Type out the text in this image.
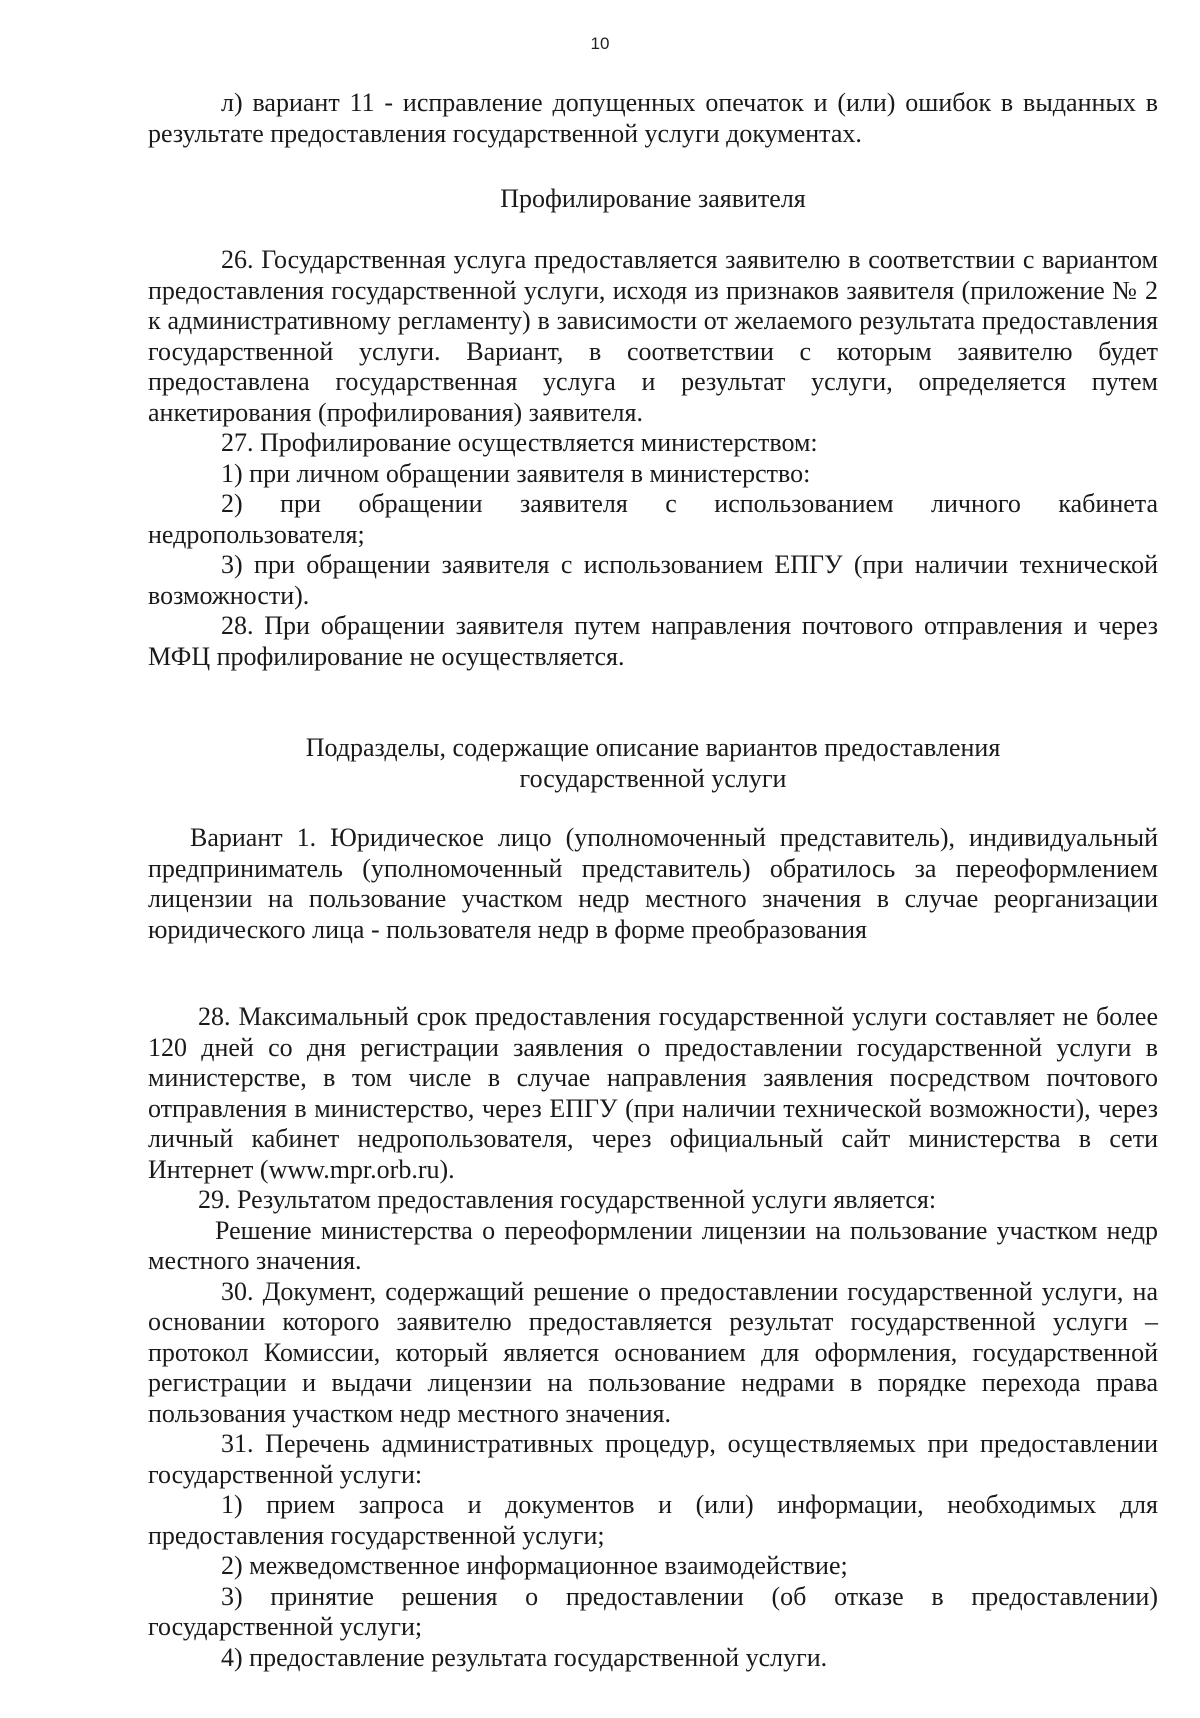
10

л) вариант 11 - исправление допущенных опечаток и (или) ошибок в выданных в результате предоставления государственной услуги документах.

Профилирование заявителя

26. Государственная услуга предоставляется заявителю в соответствии с вариантом предоставления государственной услуги, исходя из признаков заявителя (приложение № 2 к административному регламенту) в зависимости от желаемого результата предоставления государственной услуги. Вариант, в соответствии с которым заявителю будет предоставлена государственная услуга и результат услуги, определяется путем анкетирования (профилирования) заявителя.

27. Профилирование осуществляется министерством:

1) при личном обращении заявителя в министерство:

2) при обращении заявителя с использованием личного кабинета недропользователя;

3) при обращении заявителя с использованием ЕПГУ (при наличии технической возможности).

28. При обращении заявителя путем направления почтового отправления и через МФЦ профилирование не осуществляется.

Подразделы, содержащие описание вариантов предоставления

государственной услуги

Вариант 1. Юридическое лицо (уполномоченный представитель), индивидуальный предприниматель (уполномоченный представитель) обратилось за переоформлением лицензии на пользование участком недр местного значения в случае реорганизации юридического лица - пользователя недр в форме преобразования

28. Максимальный срок предоставления государственной услуги составляет не более 120 дней со дня регистрации заявления о предоставлении государственной услуги в министерстве, в том числе в случае направления заявления посредством почтового отправления в министерство, через ЕПГУ (при наличии технической возможности), через личный кабинет недропользователя, через официальный сайт министерства в сети Интернет (www.mpr.orb.ru).

29. Результатом предоставления государственной услуги является:

Решение министерства о переоформлении лицензии на пользование участком недр местного значения.

30. Документ, содержащий решение о предоставлении государственной услуги, на основании которого заявителю предоставляется результат государственной услуги – протокол Комиссии, который является основанием для оформления, государственной регистрации и выдачи лицензии на пользование недрами в порядке перехода права пользования участком недр местного значения.

31. Перечень административных процедур, осуществляемых при предоставлении государственной услуги:

1) прием запроса и документов и (или) информации, необходимых для предоставления государственной услуги;

2) межведомственное информационное взаимодействие;

3) принятие решения о предоставлении (об отказе в предоставлении) государственной услуги;

4) предоставление результата государственной услуги.
